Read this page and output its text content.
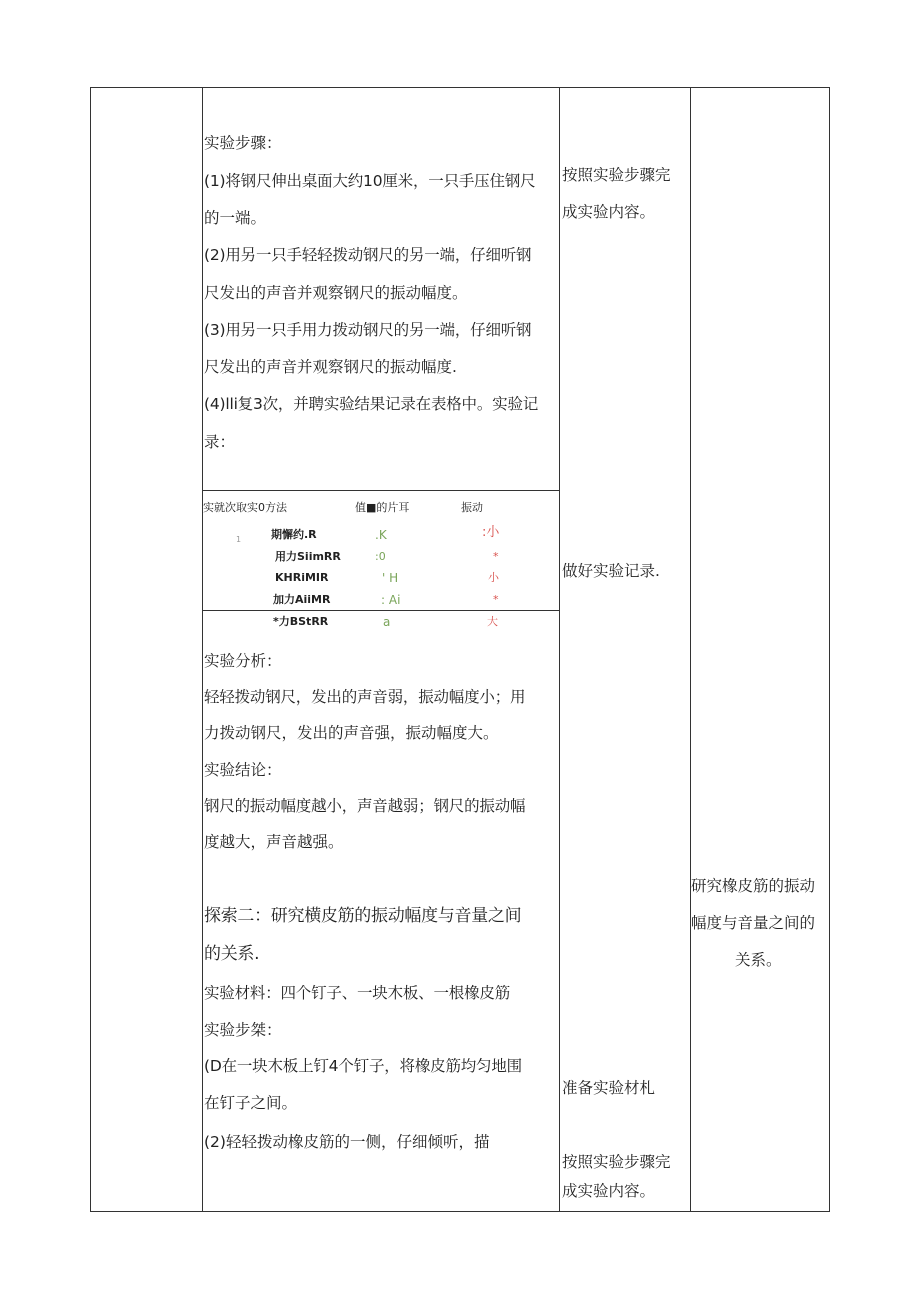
实验步骤：
(1)将钢尺伸出桌面大约10厘米，一只手压住钢尺
的一端。
(2)用另一只手轻轻拨动钢尺的另一端，仔细听钢
尺发出的声音并观察钢尺的振动幅度。
(3)用另一只手用力拨动钢尺的另一端，仔细听钢
尺发出的声音并观察钢尺的振动幅度.
(4)lli复3次，并聘实验结果记录在表格中。实验记
录：
实就次取实0方法	值■的片耳	振动
1	期懈约.R	.K	:小
用力SiimRR	:0	*
KHRiMIR	' H	小
加力AiiMR	: Ai	*
*力BStRR	a	大
实验分析：
轻轻拨动钢尺，发出的声音弱，振动幅度小；用
力拨动钢尺，发出的声音强，振动幅度大。
实验结论：
钢尺的振动幅度越小，声音越弱；钢尺的振动幅
度越大，声音越强。
探索二：研究横皮筋的振动幅度与音量之间
的关系.
实验材料：四个钉子、一块木板、一根橡皮筋
实验步桀：
(D在一块木板上钉4个钉子，将橡皮筋均匀地围
在钉子之间。
(2)轻轻拨动橡皮筋的一侧，仔细倾听，描
按照实验步骤完
成实验内容。
做好实验记录.
准备实验材札
按照实验步骤完
成实验内容。
研究橡皮筋的振动
幅度与音量之间的
关系。
